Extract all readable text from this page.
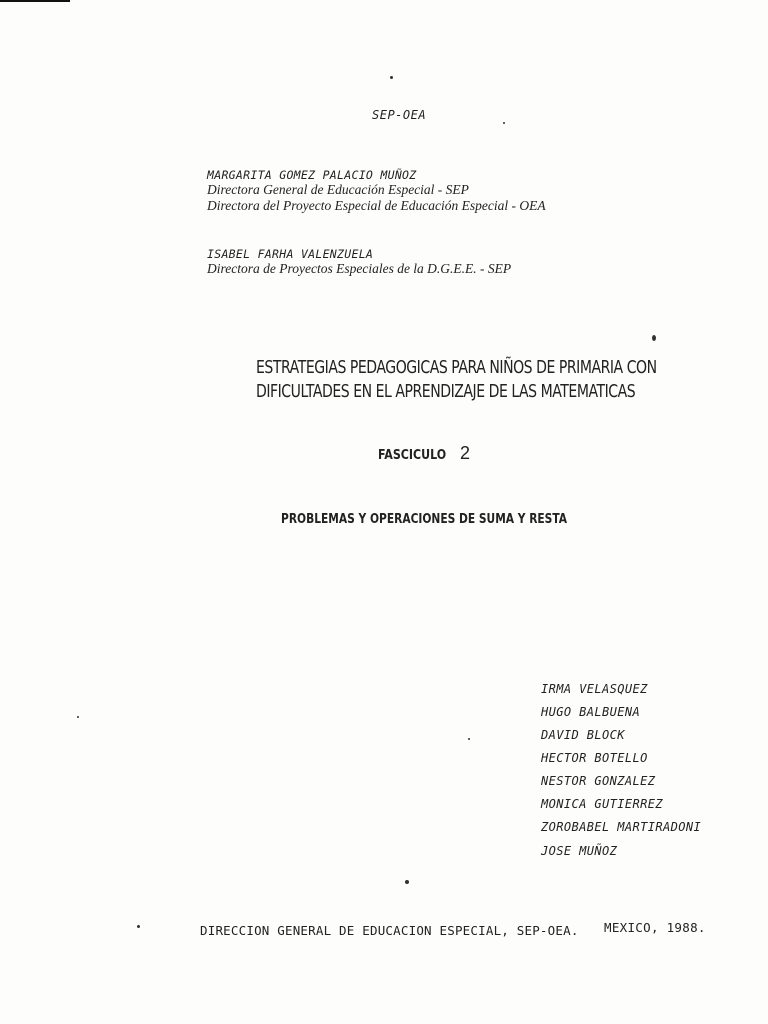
SEP-OEA
MARGARITA GOMEZ PALACIO MUÑOZ
Directora General de Educación Especial - SEP
Directora del Proyecto Especial de Educación Especial - OEA
ISABEL FARHA VALENZUELA
Directora de Proyectos Especiales de la D.G.E.E. - SEP
ESTRATEGIAS PEDAGOGICAS PARA NIÑOS DE PRIMARIA CON
DIFICULTADES EN EL APRENDIZAJE DE LAS MATEMATICAS
FASCICULO 2
PROBLEMAS Y OPERACIONES DE SUMA Y RESTA
IRMA VELASQUEZ
HUGO BALBUENA
DAVID BLOCK
HECTOR BOTELLO
NESTOR GONZALEZ
MONICA GUTIERREZ
ZOROBABEL MARTIRADONI
JOSE MUÑOZ
DIRECCION GENERAL DE EDUCACION ESPECIAL, SEP-OEA. MEXICO, 1988.
